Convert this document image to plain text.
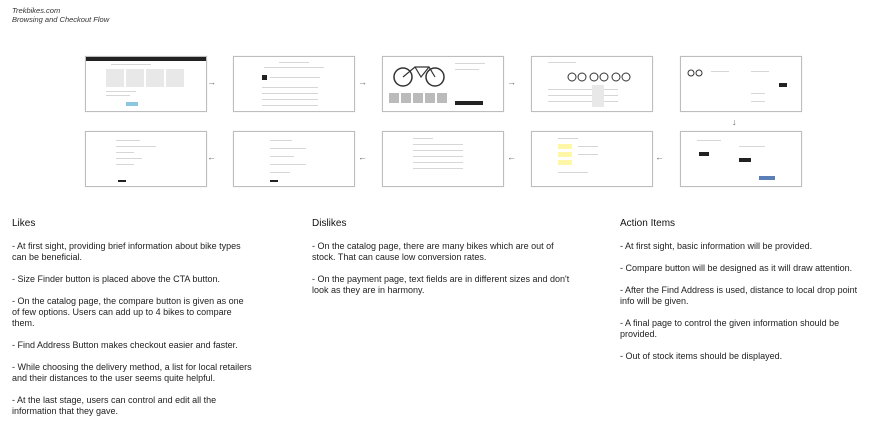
Trekbikes.com
Browsing and Checkout Flow
→	→	→
↓
←	←	←	←
Likes

- At first sight, providing brief information about bike types can be beneficial.

- Size Finder button is placed above the CTA button.

- On the catalog page, the compare button is given as one of few options. Users can add up to 4 bikes to compare them.

- Find Address Button makes checkout easier and faster.

- While choosing the delivery method, a list for local retailers and their distances to the user seems quite helpful.

- At the last stage, users can control and edit all the information that they gave.

Dislikes

- On the catalog page, there are many bikes which are out of stock. That can cause low conversion rates.

- On the payment page, text fields are in different sizes and don't look as they are in harmony.

Action Items

- At first sight, basic information will be provided.

- Compare button will be designed as it will draw attention.

- After the Find Address is used, distance to local drop point info will be given.

- A final page to control the given information should be provided.

- Out of stock items should be displayed.
